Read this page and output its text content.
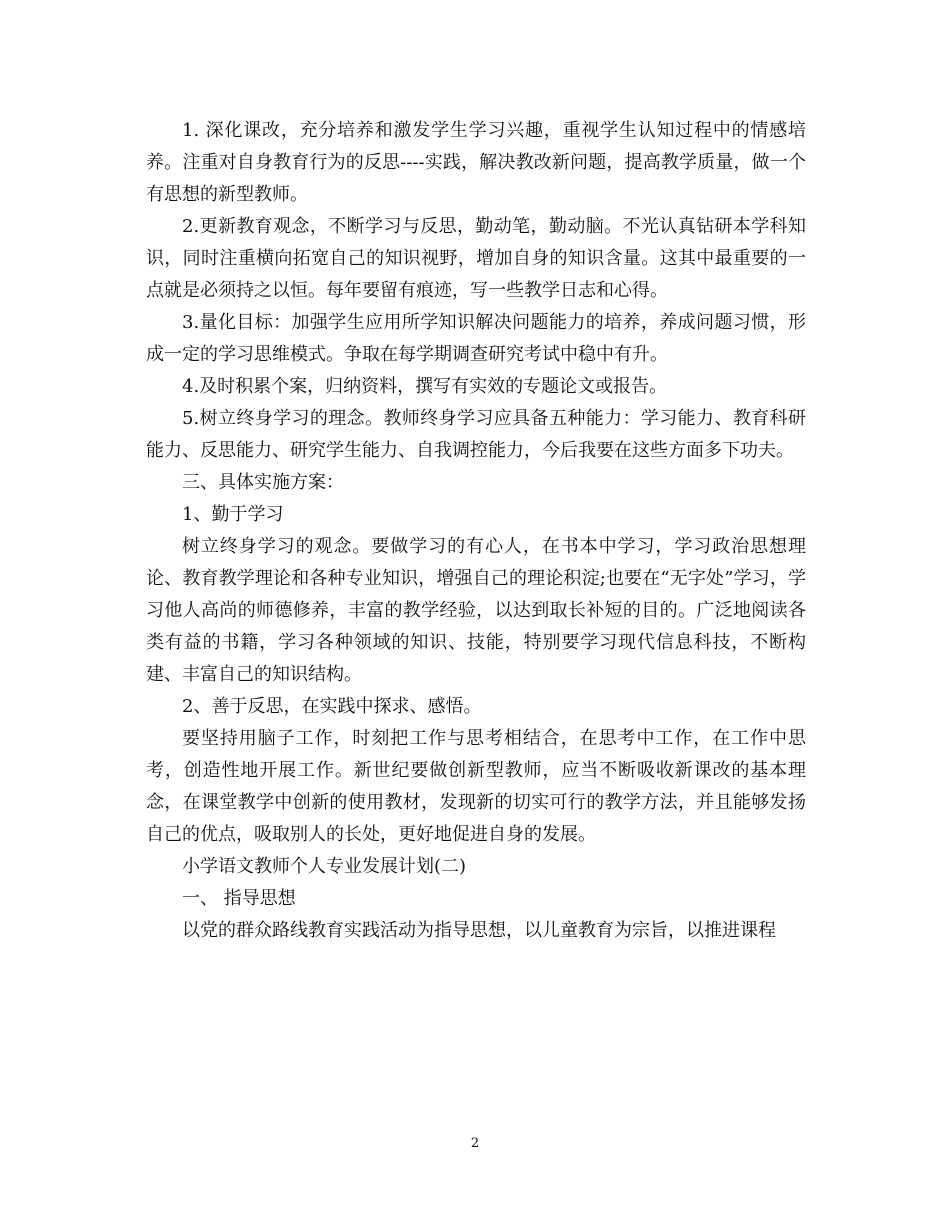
1. 深化课改，充分培养和激发学生学习兴趣，重视学生认知过程中的情感培养。注重对自身教育行为的反思----实践，解决教改新问题，提高教学质量，做一个有思想的新型教师。

2.更新教育观念，不断学习与反思，勤动笔，勤动脑。不光认真钻研本学科知识，同时注重横向拓宽自己的知识视野，增加自身的知识含量。这其中最重要的一点就是必须持之以恒。每年要留有痕迹，写一些教学日志和心得。

3.量化目标：加强学生应用所学知识解决问题能力的培养，养成问题习惯，形成一定的学习思维模式。争取在每学期调查研究考试中稳中有升。

4.及时积累个案，归纳资料，撰写有实效的专题论文或报告。

5.树立终身学习的理念。教师终身学习应具备五种能力：学习能力、教育科研能力、反思能力、研究学生能力、自我调控能力，今后我要在这些方面多下功夫。

三、具体实施方案：

1、勤于学习

树立终身学习的观念。要做学习的有心人，在书本中学习，学习政治思想理论、教育教学理论和各种专业知识，增强自己的理论积淀;也要在“无字处”学习，学习他人高尚的师德修养，丰富的教学经验，以达到取长补短的目的。广泛地阅读各类有益的书籍，学习各种领域的知识、技能，特别要学习现代信息科技，不断构建、丰富自己的知识结构。

2、善于反思，在实践中探求、感悟。

要坚持用脑子工作，时刻把工作与思考相结合，在思考中工作，在工作中思考，创造性地开展工作。新世纪要做创新型教师，应当不断吸收新课改的基本理念，在课堂教学中创新的使用教材，发现新的切实可行的教学方法，并且能够发扬自己的优点，吸取别人的长处，更好地促进自身的发展。

小学语文教师个人专业发展计划(二)

一、 指导思想

以党的群众路线教育实践活动为指导思想，以儿童教育为宗旨，以推进课程

2
